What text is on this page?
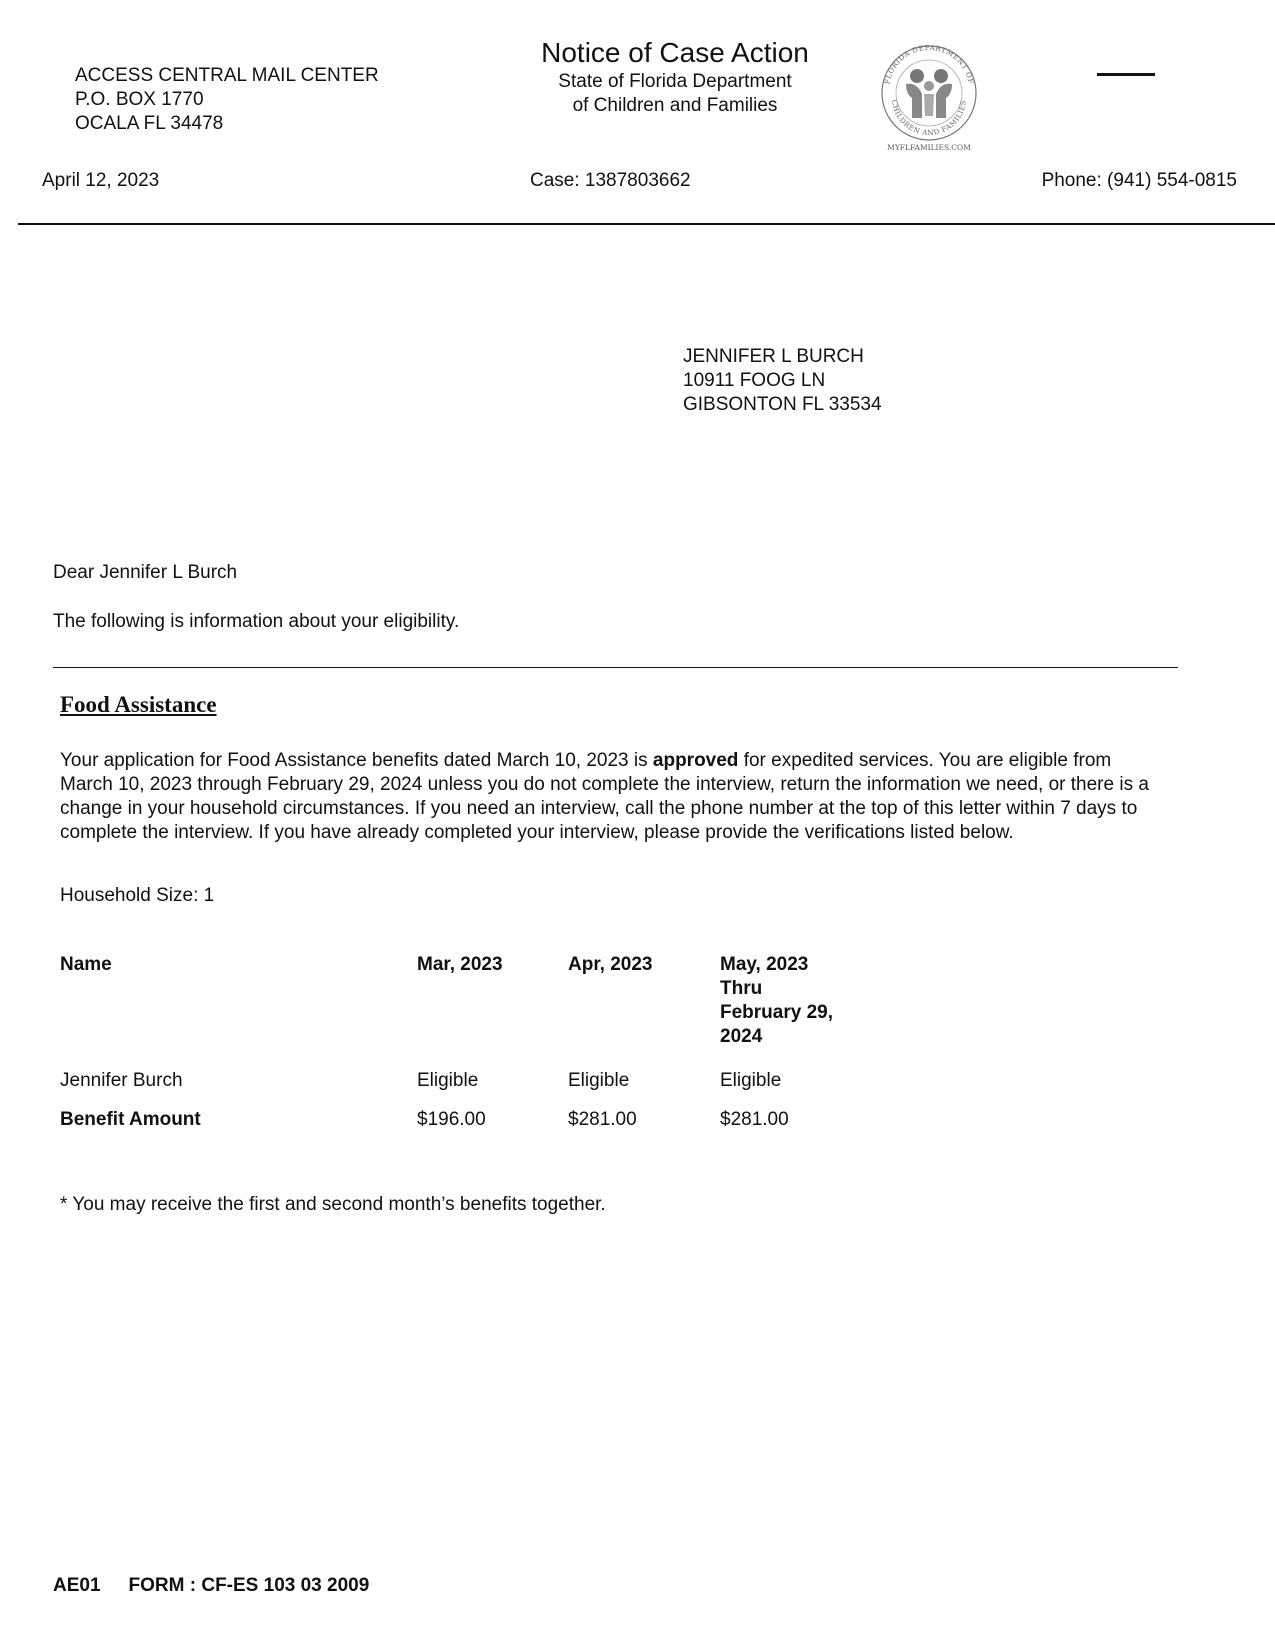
ACCESS CENTRAL MAIL CENTER
P.O. BOX 1770
OCALA FL 34478
Notice of Case Action
State of Florida Department
of Children and Families
FLORIDA DEPARTMENT OF
CHILDREN AND FAMILIES
MYFLFAMILIES.COM
April 12, 2023	Case: 1387803662	Phone: (941) 554-0815
JENNIFER L BURCH
10911 FOOG LN
GIBSONTON FL 33534
Dear Jennifer L Burch
The following is information about your eligibility.
Food Assistance
Your application for Food Assistance benefits dated March 10, 2023 is approved for expedited services. You are eligible from March 10, 2023 through February 29, 2024 unless you do not complete the interview, return the information we need, or there is a change in your household circumstances. If you need an interview, call the phone number at the top of this letter within 7 days to complete the interview. If you have already completed your interview, please provide the verifications listed below.
Household Size: 1
Name	Mar, 2023	Apr, 2023	May, 2023
Thru
February 29,
2024
Jennifer Burch	Eligible	Eligible	Eligible
Benefit Amount	$196.00	$281.00	$281.00
* You may receive the first and second month’s benefits together.
AE01 FORM : CF-ES 103 03 2009
